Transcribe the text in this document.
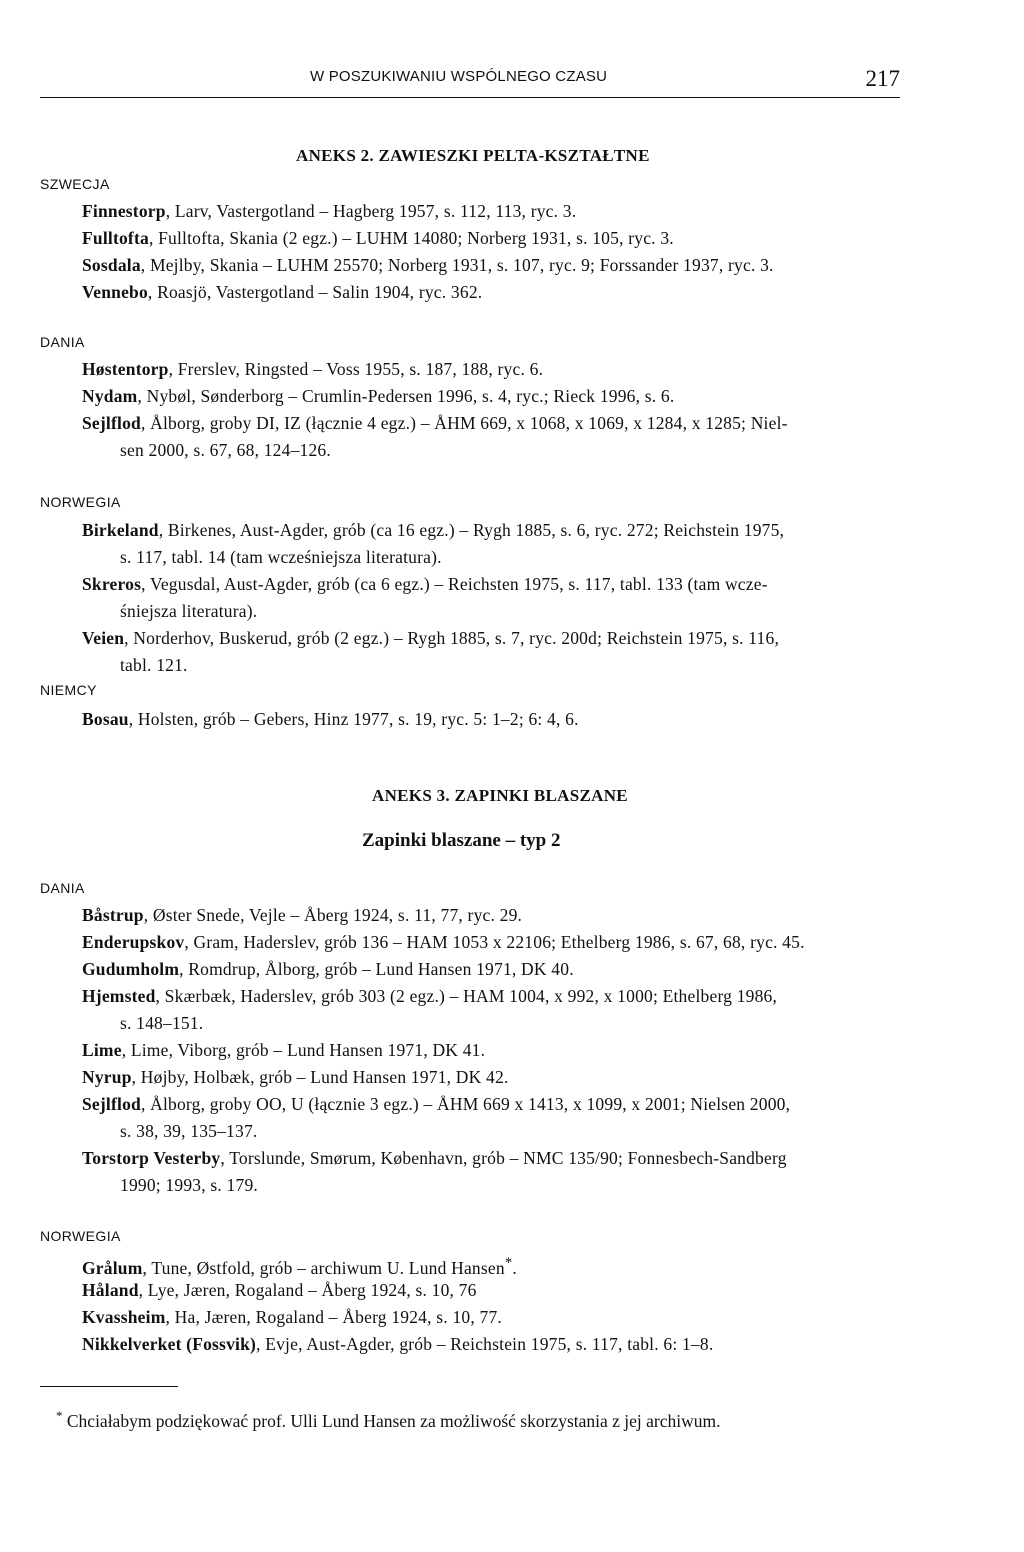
W POSZUKIWANIU WSPÓLNEGO CZASU	217
ANEKS 2. ZAWIESZKI PELTA-KSZTAŁTNE
SZWECJA
Finnestorp, Larv, Vastergotland – Hagberg 1957, s. 112, 113, ryc. 3.
Fulltofta, Fulltofta, Skania (2 egz.) – LUHM 14080; Norberg 1931, s. 105, ryc. 3.
Sosdala, Mejlby, Skania – LUHM 25570; Norberg 1931, s. 107, ryc. 9; Forssander 1937, ryc. 3.
Vennebo, Roasjö, Vastergotland – Salin 1904, ryc. 362.
DANIA
Høstentorp, Frerslev, Ringsted – Voss 1955, s. 187, 188, ryc. 6.
Nydam, Nybøl, Sønderborg – Crumlin-Pedersen 1996, s. 4, ryc.; Rieck 1996, s. 6.
Sejlflod, Ålborg, groby DI, IZ (łącznie 4 egz.) – ÅHM 669, x 1068, x 1069, x 1284, x 1285; Niel-
sen 2000, s. 67, 68, 124–126.
NORWEGIA
Birkeland, Birkenes, Aust-Agder, grób (ca 16 egz.) – Rygh 1885, s. 6, ryc. 272; Reichstein 1975,
s. 117, tabl. 14 (tam wcześniejsza literatura).
Skreros, Vegusdal, Aust-Agder, grób (ca 6 egz.) – Reichsten 1975, s. 117, tabl. 133 (tam wcze-
śniejsza literatura).
Veien, Norderhov, Buskerud, grób (2 egz.) – Rygh 1885, s. 7, ryc. 200d; Reichstein 1975, s. 116,
tabl. 121.
NIEMCY
Bosau, Holsten, grób – Gebers, Hinz 1977, s. 19, ryc. 5: 1–2; 6: 4, 6.
ANEKS 3. ZAPINKI BLASZANE
Zapinki blaszane – typ 2
DANIA
Båstrup, Øster Snede, Vejle – Åberg 1924, s. 11, 77, ryc. 29.
Enderupskov, Gram, Haderslev, grób 136 – HAM 1053 x 22106; Ethelberg 1986, s. 67, 68, ryc. 45.
Gudumholm, Romdrup, Ålborg, grób – Lund Hansen 1971, DK 40.
Hjemsted, Skærbæk, Haderslev, grób 303 (2 egz.) – HAM 1004, x 992, x 1000; Ethelberg 1986,
s. 148–151.
Lime, Lime, Viborg, grób – Lund Hansen 1971, DK 41.
Nyrup, Højby, Holbæk, grób – Lund Hansen 1971, DK 42.
Sejlflod, Ålborg, groby OO, U (łącznie 3 egz.) – ÅHM 669 x 1413, x 1099, x 2001; Nielsen 2000,
s. 38, 39, 135–137.
Torstorp Vesterby, Torslunde, Smørum, København, grób – NMC 135/90; Fonnesbech-Sandberg
1990; 1993, s. 179.
NORWEGIA
Grålum, Tune, Østfold, grób – archiwum U. Lund Hansen*.
Håland, Lye, Jæren, Rogaland – Åberg 1924, s. 10, 76
Kvassheim, Ha, Jæren, Rogaland – Åberg 1924, s. 10, 77.
Nikkelverket (Fossvik), Evje, Aust-Agder, grób – Reichstein 1975, s. 117, tabl. 6: 1–8.
* Chciałabym podziękować prof. Ulli Lund Hansen za możliwość skorzystania z jej archiwum.
